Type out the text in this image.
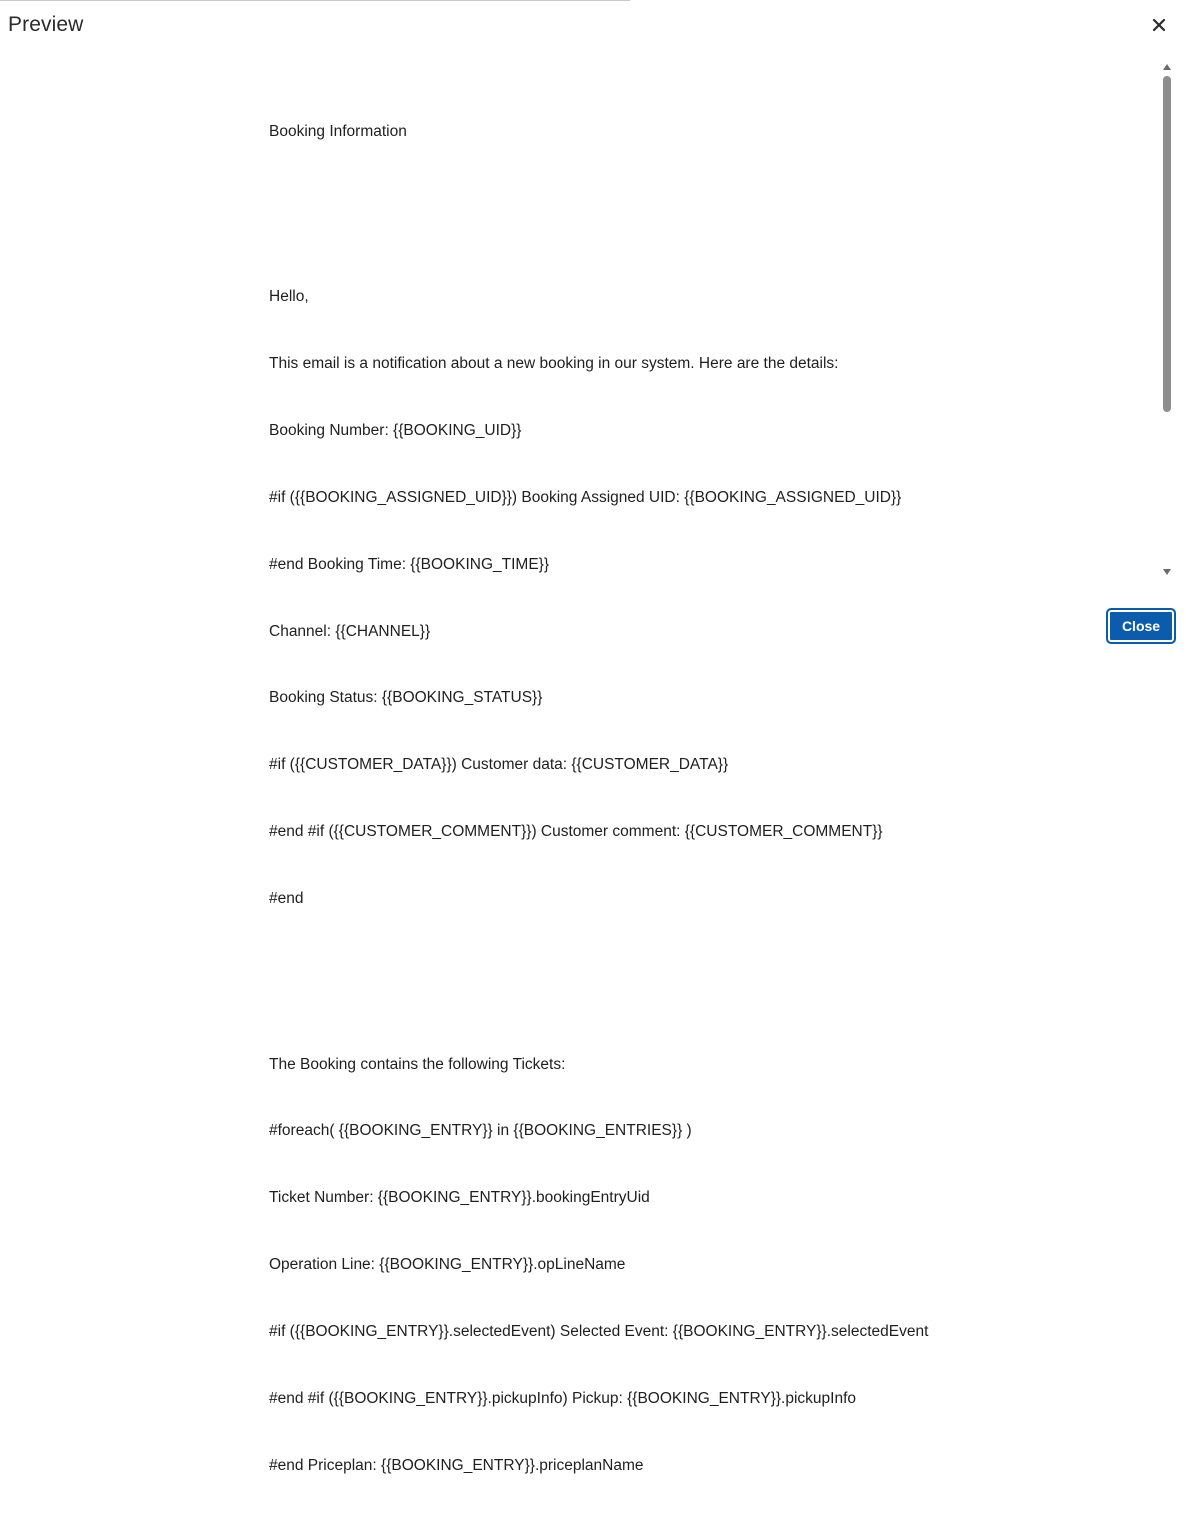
Preview

Booking Information

Hello,

This email is a notification about a new booking in our system. Here are the details:

Booking Number: {{BOOKING_UID}}

#if ({{BOOKING_ASSIGNED_UID}}) Booking Assigned UID: {{BOOKING_ASSIGNED_UID}}

#end Booking Time: {{BOOKING_TIME}}

Channel: {{CHANNEL}}

Booking Status: {{BOOKING_STATUS}}

#if ({{CUSTOMER_DATA}}) Customer data: {{CUSTOMER_DATA}}

#end #if ({{CUSTOMER_COMMENT}}) Customer comment: {{CUSTOMER_COMMENT}}

#end

The Booking contains the following Tickets:

#foreach( {{BOOKING_ENTRY}} in {{BOOKING_ENTRIES}} )

Ticket Number: {{BOOKING_ENTRY}}.bookingEntryUid

Operation Line: {{BOOKING_ENTRY}}.opLineName

#if ({{BOOKING_ENTRY}}.selectedEvent) Selected Event: {{BOOKING_ENTRY}}.selectedEvent

#end #if ({{BOOKING_ENTRY}}.pickupInfo) Pickup: {{BOOKING_ENTRY}}.pickupInfo

#end Priceplan: {{BOOKING_ENTRY}}.priceplanName

Close
